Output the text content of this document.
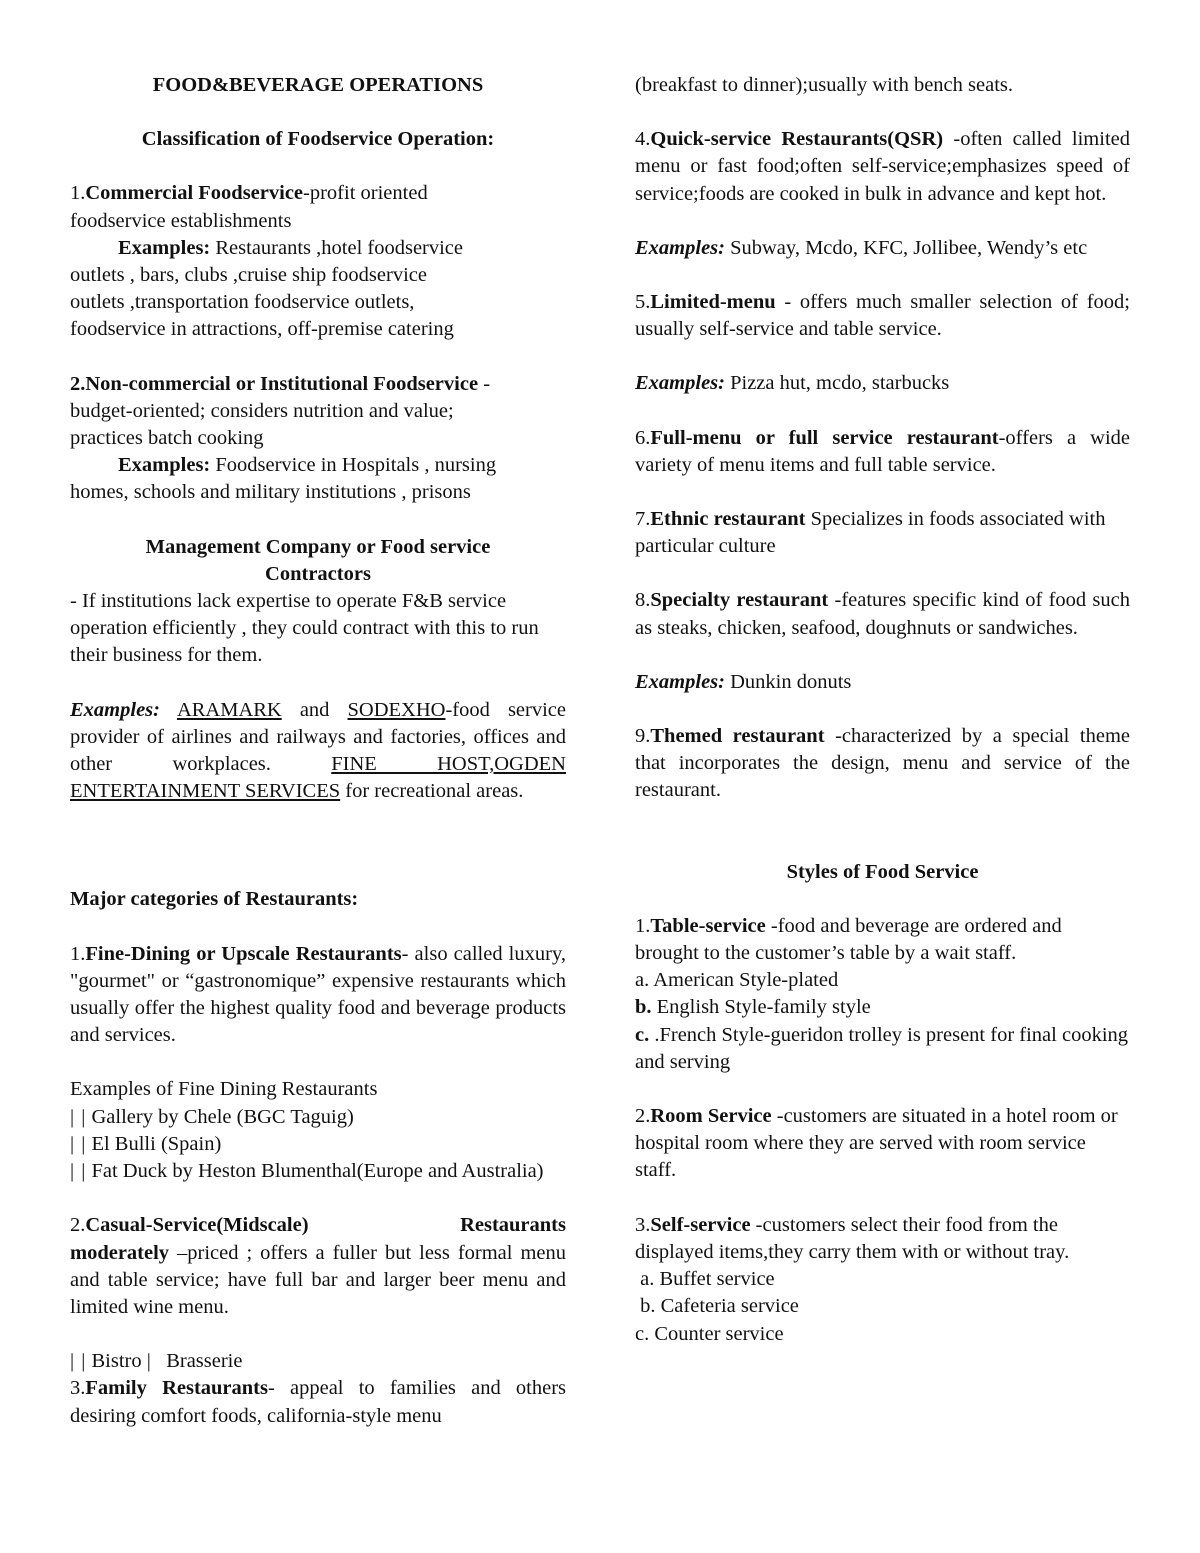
FOOD&BEVERAGE OPERATIONS

Classification of Foodservice Operation:

1.Commercial Foodservice-profit oriented

foodservice establishments

Examples: Restaurants ,hotel foodservice

outlets , bars, clubs ,cruise ship foodservice

outlets ,transportation foodservice outlets,

foodservice in attractions, off-premise catering

2.Non-commercial or Institutional Foodservice -

budget-oriented; considers nutrition and value;

practices batch cooking

Examples: Foodservice in Hospitals , nursing

homes, schools and military institutions , prisons

Management Company or Food service

Contractors

- If institutions lack expertise to operate F&B service operation efficiently , they could contract with this to run their business for them.

Examples: ARAMARK and SODEXHO-food service provider of airlines and railways and factories, offices and other workplaces. FINE HOST,OGDEN ENTERTAINMENT SERVICES for recreational areas.

Major categories of Restaurants:

1.Fine-Dining or Upscale Restaurants- also called luxury, "gourmet" or “gastronomique” expensive restaurants which usually offer the highest quality food and beverage products and services.

Examples of Fine Dining Restaurants

| | Gallery by Chele (BGC Taguig)

| | El Bulli (Spain)

| | Fat Duck by Heston Blumenthal(Europe and Australia)

2.Casual-Service(Midscale)	Restaurants

moderately –priced ; offers a fuller but less formal menu and table service; have full bar and larger beer menu and limited wine menu.

| | Bistro |   Brasserie

3.Family Restaurants- appeal to families and others desiring comfort foods, california-style menu

(breakfast to dinner);usually with bench seats.

4.Quick-service Restaurants(QSR) -often called limited menu or fast food;often self-service;emphasizes speed of service;foods are cooked in bulk in advance and kept hot.

Examples: Subway, Mcdo, KFC, Jollibee, Wendy’s etc

5.Limited-menu - offers much smaller selection of food; usually self-service and table service.

Examples: Pizza hut, mcdo, starbucks

6.Full-menu or full service restaurant-offers a wide variety of menu items and full table service.

7.Ethnic restaurant Specializes in foods associated with particular culture

8.Specialty restaurant -features specific kind of food such as steaks, chicken, seafood, doughnuts or sandwiches.

Examples: Dunkin donuts

9.Themed restaurant -characterized by a special theme that incorporates the design, menu and service of the restaurant.

Styles of Food Service

1.Table-service -food and beverage are ordered and brought to the customer’s table by a wait staff.

a. American Style-plated

b. English Style-family style

c. .French Style-gueridon trolley is present for final cooking and serving

2.Room Service -customers are situated in a hotel room or hospital room where they are served with room service staff.

3.Self-service -customers select their food from the displayed items,they carry them with or without tray.

a. Buffet service

b. Cafeteria service

c. Counter service
